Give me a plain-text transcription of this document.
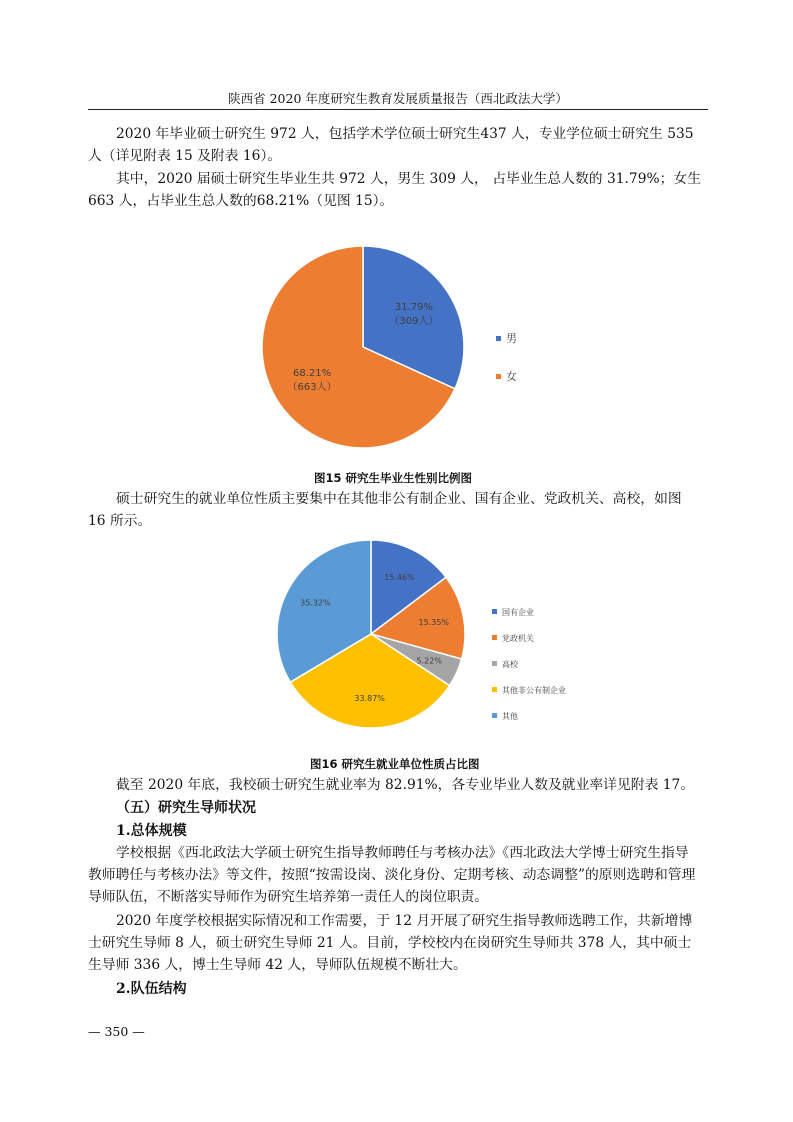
陕西省 2020 年度研究生教育发展质量报告（西北政法大学）

2020 年毕业硕士研究生 972 人，包括学术学位硕士研究生437 人，专业学位硕士研究生 535
人（详见附表 15 及附表 16）。

其中，2020 届硕士研究生毕业生共 972 人，男生 309 人， 占毕业生总人数的 31.79%；女生
663 人，占毕业生总人数的68.21%（见图 15）。

31.79%
（309人）
68.21%
（663人）
男
女
图15 研究生毕业生性别比例图

硕士研究生的就业单位性质主要集中在其他非公有制企业、国有企业、党政机关、高校，如图
16 所示。

15.46%
15.35%
5.22%
33.87%
35.32%
国有企业
党政机关
高校
其他非公有制企业
其他
图16 研究生就业单位性质占比图

截至 2020 年底，我校硕士研究生就业率为 82.91%，各专业毕业人数及就业率详见附表 17。

（五）研究生导师状况
1.总体规模

学校根据《西北政法大学硕士研究生指导教师聘任与考核办法》《西北政法大学博士研究生指导
教师聘任与考核办法》等文件，按照“按需设岗、淡化身份、定期考核、动态调整”的原则选聘和管理
导师队伍，不断落实导师作为研究生培养第一责任人的岗位职责。

2020 年度学校根据实际情况和工作需要，于 12 月开展了研究生指导教师选聘工作，共新增博
士研究生导师 8 人，硕士研究生导师 21 人。目前，学校校内在岗研究生导师共 378 人，其中硕士
生导师 336 人，博士生导师 42 人，导师队伍规模不断壮大。

2.队伍结构
— 350 —
